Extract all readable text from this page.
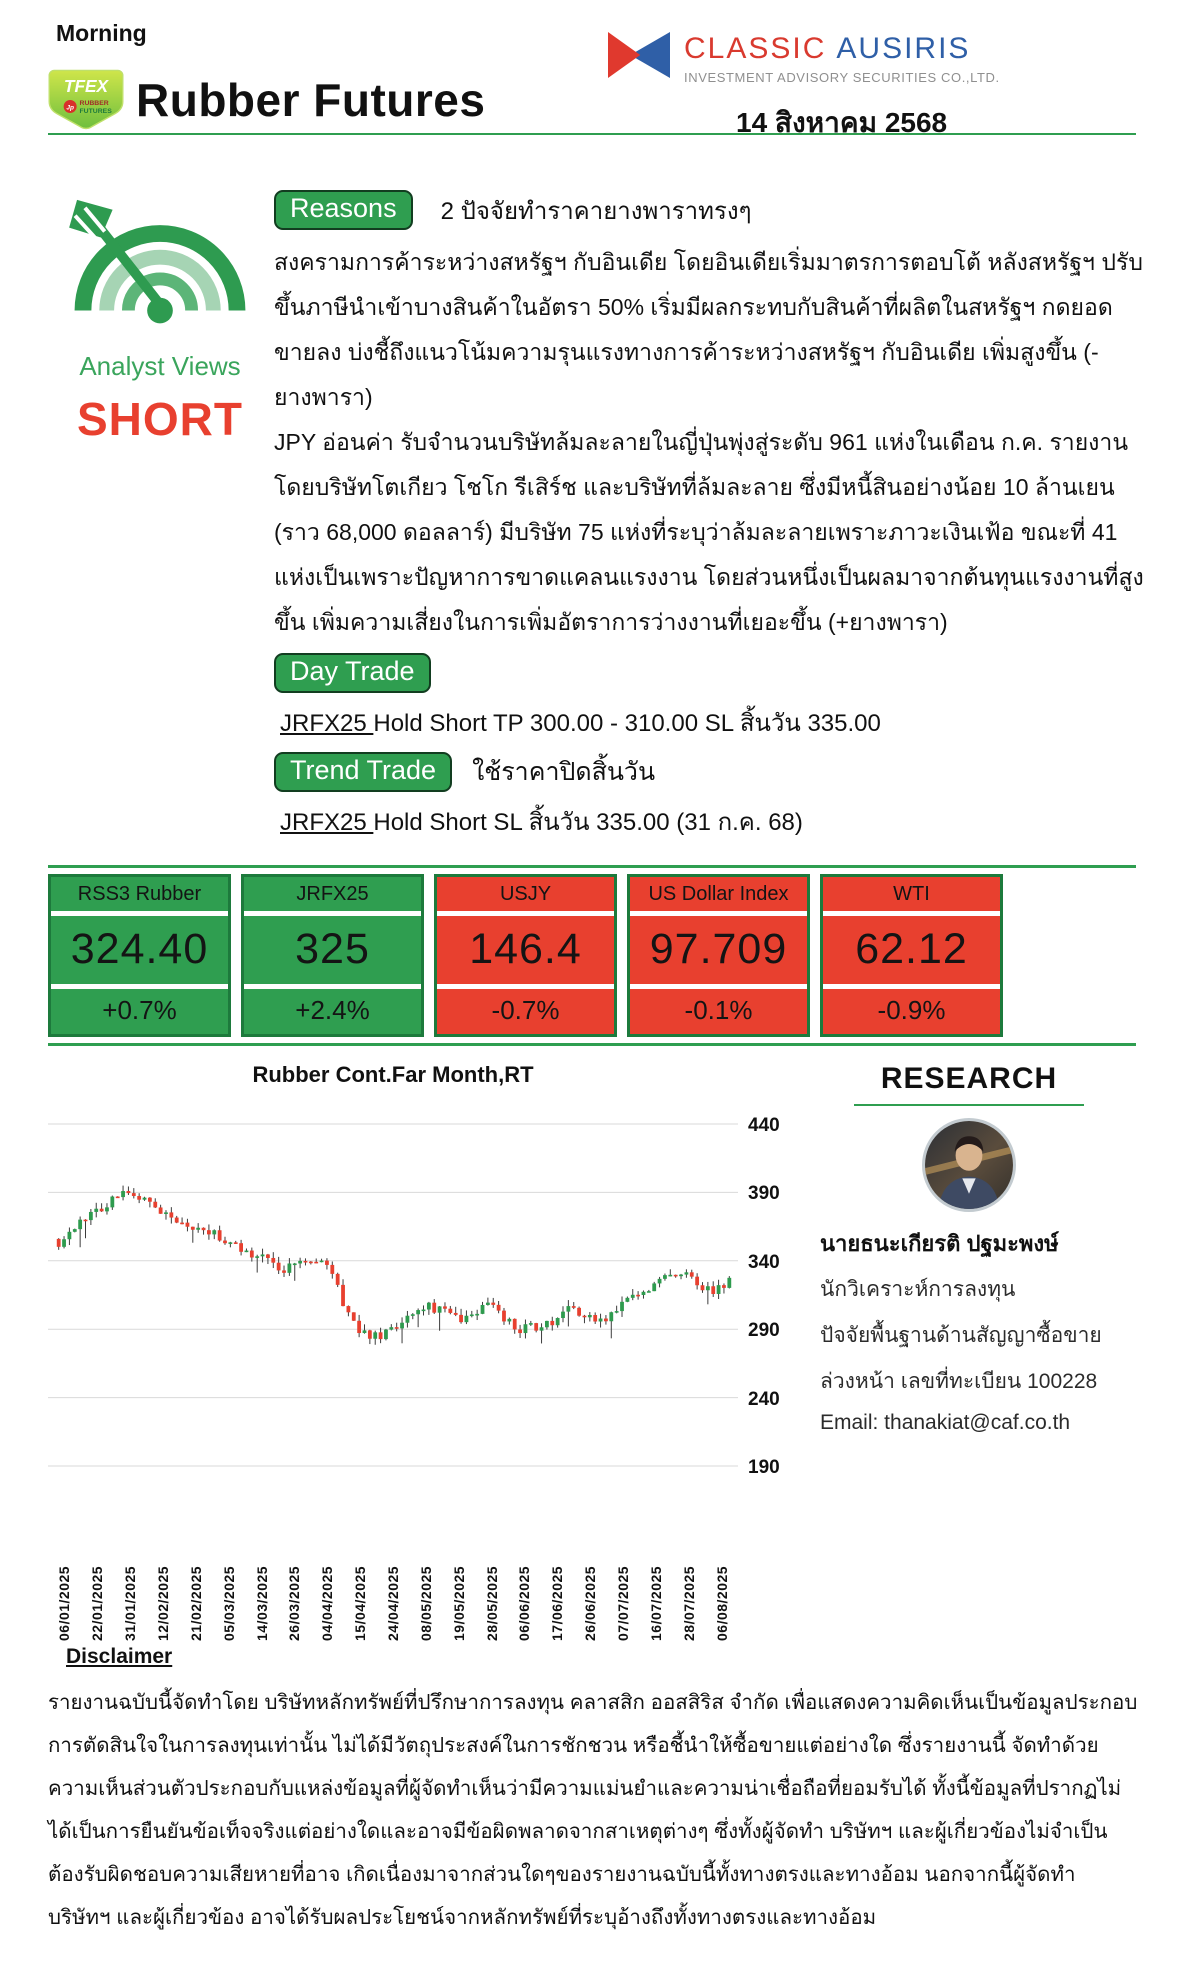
Morning
TFEX
Jp
RUBBER
FUTURES Rubber Futures
CLASSIC AUSIRIS
INVESTMENT ADVISORY SECURITIES CO.,LTD.
14 สิงหาคม 2568
Analyst Views
SHORT
Reasons	2 ปัจจัยทำราคายางพาราทรงๆ
สงครามการค้าระหว่างสหรัฐฯ กับอินเดีย โดยอินเดียเริ่มมาตรการตอบโต้ หลังสหรัฐฯ ปรับขึ้นภาษีนำเข้าบางสินค้าในอัตรา 50% เริ่มมีผลกระทบกับสินค้าที่ผลิตในสหรัฐฯ กดยอดขายลง บ่งชี้ถึงแนวโน้มความรุนแรงทางการค้าระหว่างสหรัฐฯ กับอินเดีย เพิ่มสูงขึ้น (-ยางพารา)
JPY อ่อนค่า รับจำนวนบริษัทล้มละลายในญี่ปุ่นพุ่งสู่ระดับ 961 แห่งในเดือน ก.ค. รายงานโดยบริษัทโตเกียว โชโก รีเสิร์ช และบริษัทที่ล้มละลาย ซึ่งมีหนี้สินอย่างน้อย 10 ล้านเยน (ราว 68,000 ดอลลาร์) มีบริษัท 75 แห่งที่ระบุว่าล้มละลายเพราะภาวะเงินเฟ้อ ขณะที่ 41 แห่งเป็นเพราะปัญหาการขาดแคลนแรงงาน โดยส่วนหนึ่งเป็นผลมาจากต้นทุนแรงงานที่สูงขึ้น เพิ่มความเสี่ยงในการเพิ่มอัตราการว่างงานที่เยอะขึ้น (+ยางพารา)
Day Trade
JRFX25 Hold Short TP 300.00 - 310.00 SL สิ้นวัน 335.00
Trend Trade	ใช้ราคาปิดสิ้นวัน
JRFX25 Hold Short SL สิ้นวัน 335.00 (31 ก.ค. 68)
RSS3 Rubber
324.40
+0.7%
JRFX25
325
+2.4%
USJY
146.4
-0.7%
US Dollar Index
97.709
-0.1%
WTI
62.12
-0.9%
Rubber Cont.Far Month,RT
06/01/2025 22/01/2025 31/01/2025 12/02/2025 21/02/2025 05/03/2025 14/03/2025 26/03/2025 04/04/2025 15/04/2025 24/04/2025 08/05/2025 19/05/2025 28/05/2025 06/06/2025 17/06/2025 26/06/2025 07/07/2025 16/07/2025 28/07/2025 06/08/2025
440
390
340
290
240
190
RESEARCH
นายธนะเกียรติ ปฐมะพงษ์
นักวิเคราะห์การลงทุน
ปัจจัยพื้นฐานด้านสัญญาซื้อขาย
ล่วงหน้า เลขที่ทะเบียน 100228
Email: thanakiat@caf.co.th
Disclaimer
รายงานฉบับนี้จัดทำโดย บริษัทหลักทรัพย์ที่ปรึกษาการลงทุน คลาสสิก ออสสิริส จำกัด เพื่อแสดงความคิดเห็นเป็นข้อมูลประกอบการตัดสินใจในการลงทุนเท่านั้น ไม่ได้มีวัตถุประสงค์ในการชักชวน หรือชี้นำให้ซื้อขายแต่อย่างใด ซึ่งรายงานนี้ จัดทำด้วยความเห็นส่วนตัวประกอบกับแหล่งข้อมูลที่ผู้จัดทำเห็นว่ามีความแม่นยำและความน่าเชื่อถือที่ยอมรับได้ ทั้งนี้ข้อมูลที่ปรากฏไม่ได้เป็นการยืนยันข้อเท็จจริงแต่อย่างใดและอาจมีข้อผิดพลาดจากสาเหตุต่างๆ ซึ่งทั้งผู้จัดทำ บริษัทฯ และผู้เกี่ยวข้องไม่จำเป็นต้องรับผิดชอบความเสียหายที่อาจ เกิดเนื่องมาจากส่วนใดๆของรายงานฉบับนี้ทั้งทางตรงและทางอ้อม นอกจากนี้ผู้จัดทำ บริษัทฯ และผู้เกี่ยวข้อง อาจได้รับผลประโยชน์จากหลักทรัพย์ที่ระบุอ้างถึงทั้งทางตรงและทางอ้อม
